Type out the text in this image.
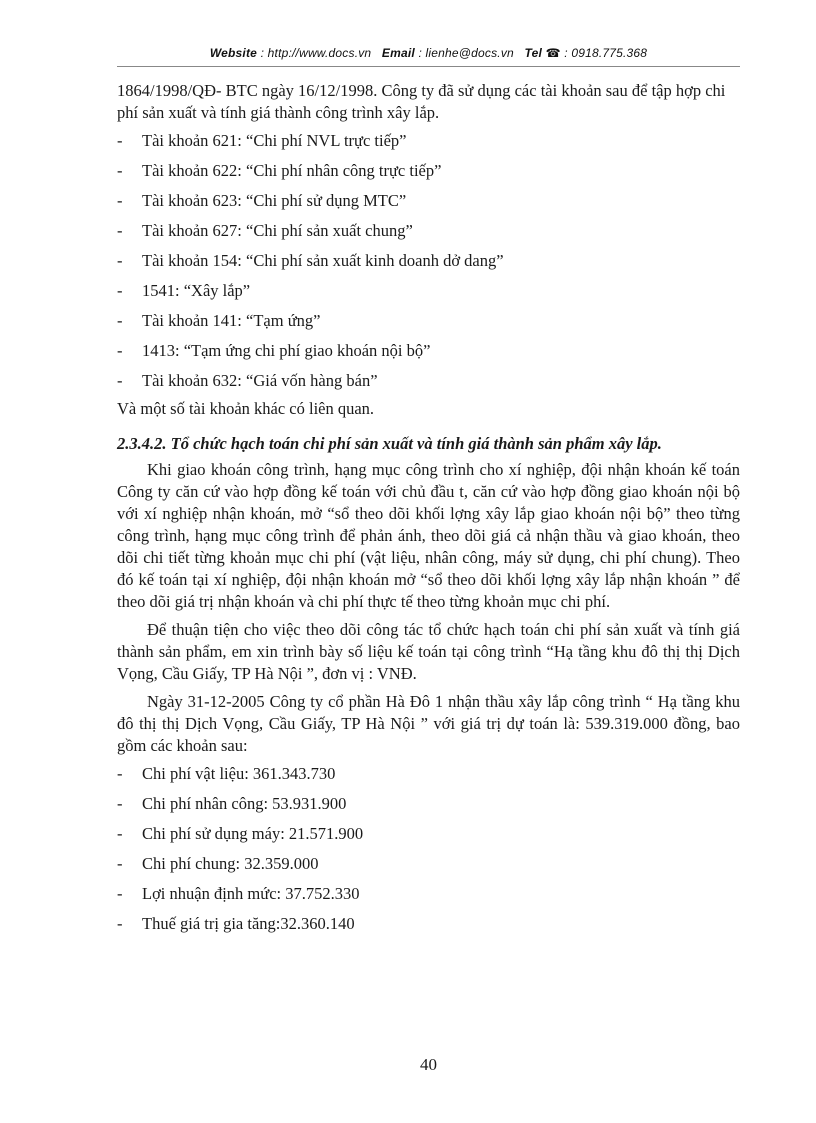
Website : http://www.docs.vn Email : lienhe@docs.vn Tel ☎ : 0918.775.368

1864/1998/QĐ- BTC ngày 16/12/1998. Công ty đã sử dụng các tài khoản sau để tập hợp chi phí sản xuất và tính giá thành công trình xây lắp.

- Tài khoản 621: “Chi phí NVL trực tiếp”
- Tài khoản 622: “Chi phí nhân công trực tiếp”
- Tài khoản 623: “Chi phí sử dụng MTC”
- Tài khoản 627: “Chi phí sản xuất chung”
- Tài khoản 154: “Chi phí sản xuất kinh doanh dở dang”
- 1541: “Xây lắp”
- Tài khoản 141: “Tạm ứng”
- 1413: “Tạm ứng chi phí giao khoán nội bộ”
- Tài khoản 632: “Giá vốn hàng bán”

Và một số tài khoản khác có liên quan.

2.3.4.2. Tổ chức hạch toán chi phí sản xuất và tính giá thành sản phẩm xây lắp.

Khi giao khoán công trình, hạng mục công trình cho xí nghiệp, đội nhận khoán kế toán Công ty căn cứ vào hợp đồng kế toán với chủ đầu t, căn cứ vào hợp đồng giao khoán nội bộ với xí nghiệp nhận khoán, mở “sổ theo dõi khối lợng xây lắp giao khoán nội bộ” theo từng công trình, hạng mục công trình để phản ánh, theo dõi giá cả nhận thầu và giao khoán, theo dõi chi tiết từng khoản mục chi phí (vật liệu, nhân công, máy sử dụng, chi phí chung). Theo đó kế toán tại xí nghiệp, đội nhận khoán mở “sổ theo dõi khối lợng xây lắp nhận khoán ” để theo dõi giá trị nhận khoán và chi phí thực tế theo từng khoản mục chi phí.

Để thuận tiện cho việc theo dõi công tác tổ chức hạch toán chi phí sản xuất và tính giá thành sản phẩm, em xin trình bày số liệu kế toán tại công trình “Hạ tầng khu đô thị thị Dịch Vọng, Cầu Giấy, TP Hà Nội ”, đơn vị : VNĐ.

Ngày 31-12-2005 Công ty cổ phần Hà Đô 1 nhận thầu xây lắp công trình “ Hạ tầng khu đô thị thị Dịch Vọng, Cầu Giấy, TP Hà Nội ” với giá trị dự toán là: 539.319.000 đồng, bao gồm các khoản sau:

- Chi phí vật liệu: 361.343.730
- Chi phí nhân công: 53.931.900
- Chi phí sử dụng máy: 21.571.900
- Chi phí chung: 32.359.000
- Lợi nhuận định mức: 37.752.330
- Thuế giá trị gia tăng:32.360.140
40
